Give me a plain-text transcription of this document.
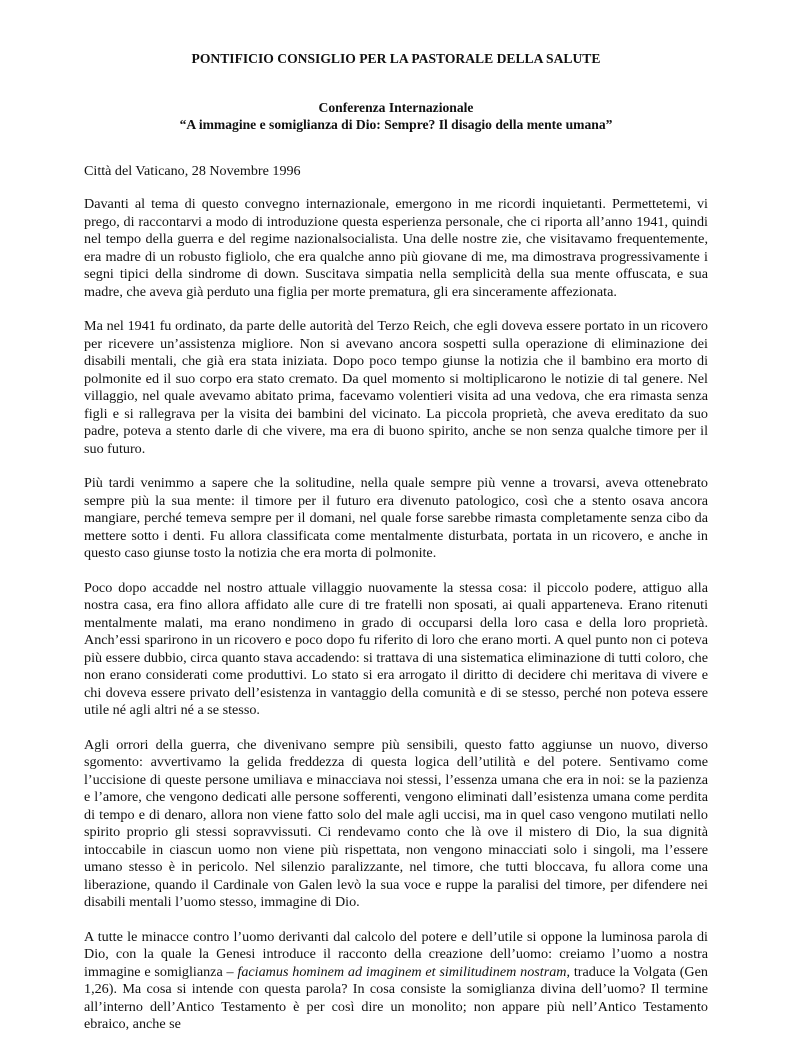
PONTIFICIO CONSIGLIO PER LA PASTORALE DELLA SALUTE

Conferenza Internazionale

“A immagine e somiglianza di Dio: Sempre? Il disagio della mente umana”

Città del Vaticano, 28 Novembre 1996

Davanti al tema di questo convegno internazionale, emergono in me ricordi inquietanti. Permettetemi, vi prego, di raccontarvi a modo di introduzione questa esperienza personale, che ci riporta all’anno 1941, quindi nel tempo della guerra e del regime nazionalsocialista. Una delle nostre zie, che visitavamo frequentemente, era madre di un robusto figliolo, che era qualche anno più giovane di me, ma dimostrava progressivamente i segni tipici della sindrome di down. Suscitava simpatia nella semplicità della sua mente offuscata, e sua madre, che aveva già perduto una figlia per morte prematura, gli era sinceramente affezionata.

Ma nel 1941 fu ordinato, da parte delle autorità del Terzo Reich, che egli doveva essere portato in un ricovero per ricevere un’assistenza migliore. Non si avevano ancora sospetti sulla operazione di eliminazione dei disabili mentali, che già era stata iniziata. Dopo poco tempo giunse la notizia che il bambino era morto di polmonite ed il suo corpo era stato cremato. Da quel momento si moltiplicarono le notizie di tal genere. Nel villaggio, nel quale avevamo abitato prima, facevamo volentieri visita ad una vedova, che era rimasta senza figli e si rallegrava per la visita dei bambini del vicinato. La piccola proprietà, che aveva ereditato da suo padre, poteva a stento darle di che vivere, ma era di buono spirito, anche se non senza qualche timore per il suo futuro.

Più tardi venimmo a sapere che la solitudine, nella quale sempre più venne a trovarsi, aveva ottenebrato sempre più la sua mente: il timore per il futuro era divenuto patologico, così che a stento osava ancora mangiare, perché temeva sempre per il domani, nel quale forse sarebbe rimasta completamente senza cibo da mettere sotto i denti. Fu allora classificata come mentalmente disturbata, portata in un ricovero, e anche in questo caso giunse tosto la notizia che era morta di polmonite.

Poco dopo accadde nel nostro attuale villaggio nuovamente la stessa cosa: il piccolo podere, attiguo alla nostra casa, era fino allora affidato alle cure di tre fratelli non sposati, ai quali apparteneva. Erano ritenuti mentalmente malati, ma erano nondimeno in grado di occuparsi della loro casa e della loro proprietà. Anch’essi sparirono in un ricovero e poco dopo fu riferito di loro che erano morti. A quel punto non ci poteva più essere dubbio, circa quanto stava accadendo: si trattava di una sistematica eliminazione di tutti coloro, che non erano considerati come produttivi. Lo stato si era arrogato il diritto di decidere chi meritava di vivere e chi doveva essere privato dell’esistenza in vantaggio della comunità e di se stesso, perché non poteva essere utile né agli altri né a se stesso.

Agli orrori della guerra, che divenivano sempre più sensibili, questo fatto aggiunse un nuovo, diverso sgomento: avvertivamo la gelida freddezza di questa logica dell’utilità e del potere. Sentivamo come l’uccisione di queste persone umiliava e minacciava noi stessi, l’essenza umana che era in noi: se la pazienza e l’amore, che vengono dedicati alle persone sofferenti, vengono eliminati dall’esistenza umana come perdita di tempo e di denaro, allora non viene fatto solo del male agli uccisi, ma in quel caso vengono mutilati nello spirito proprio gli stessi sopravvissuti. Ci rendevamo conto che là ove il mistero di Dio, la sua dignità intoccabile in ciascun uomo non viene più rispettata, non vengono minacciati solo i singoli, ma l’essere umano stesso è in pericolo. Nel silenzio paralizzante, nel timore, che tutti bloccava, fu allora come una liberazione, quando il Cardinale von Galen levò la sua voce e ruppe la paralisi del timore, per difendere nei disabili mentali l’uomo stesso, immagine di Dio.

A tutte le minacce contro l’uomo derivanti dal calcolo del potere e dell’utile si oppone la luminosa parola di Dio, con la quale la Genesi introduce il racconto della creazione dell’uomo: creiamo l’uomo a nostra immagine e somiglianza – faciamus hominem ad imaginem et similitudinem nostram, traduce la Volgata (Gen 1,26). Ma cosa si intende con questa parola? In cosa consiste la somiglianza divina dell’uomo? Il termine all’interno dell’Antico Testamento è per così dire un monolito; non appare più nell’Antico Testamento ebraico, anche se
